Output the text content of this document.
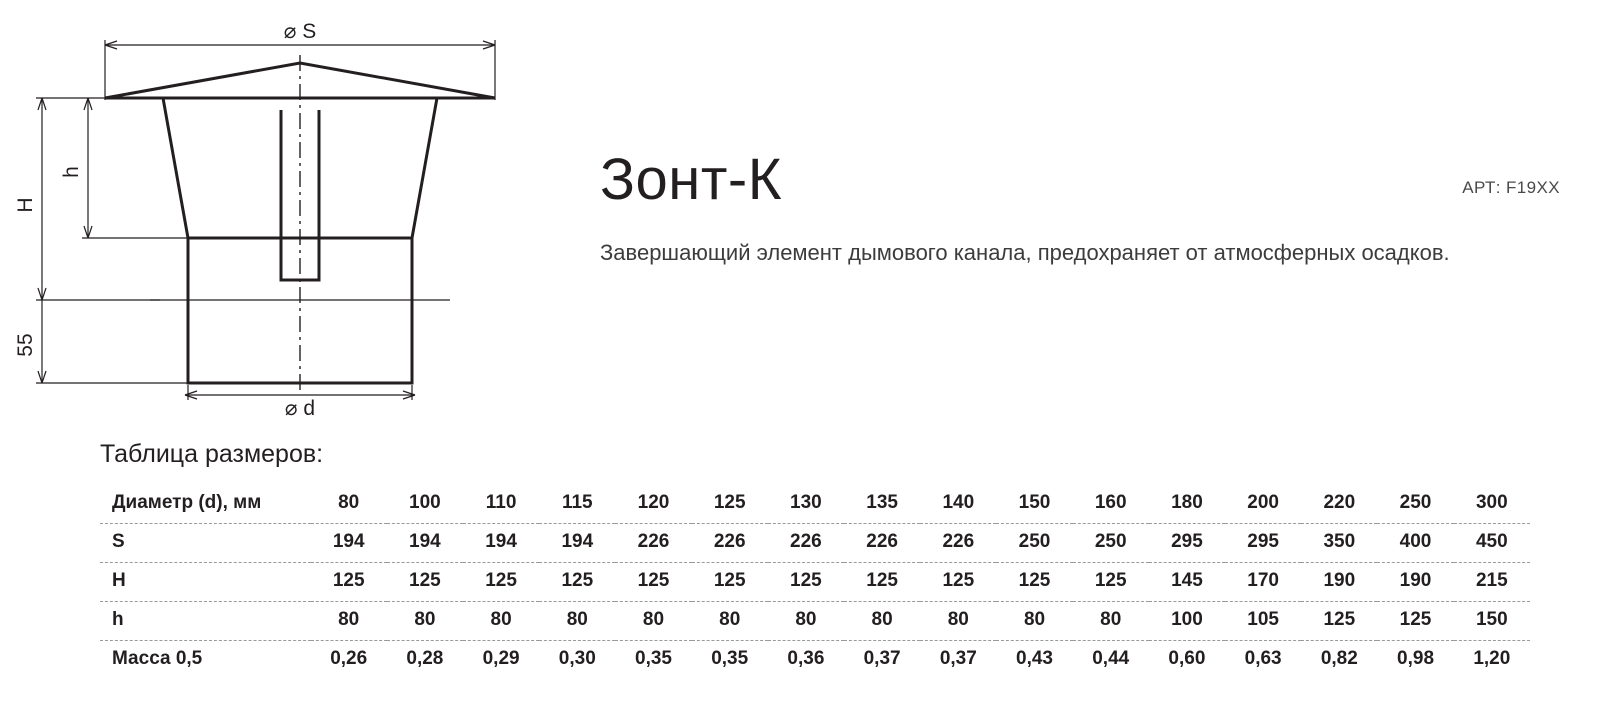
⌀ S
⌀ d
H
h
55
АРТ: F19XX
Зонт-К

Завершающий элемент дымового канала, предохраняет от атмосферных осадков.

Таблица размеров:
Диаметр (d), мм	80	100	110	115	120	125	130	135	140	150	160	180	200	220	250	300
S	194	194	194	194	226	226	226	226	226	250	250	295	295	350	400	450
H	125	125	125	125	125	125	125	125	125	125	125	145	170	190	190	215
h	80	80	80	80	80	80	80	80	80	80	80	100	105	125	125	150
Масса 0,5	0,26	0,28	0,29	0,30	0,35	0,35	0,36	0,37	0,37	0,43	0,44	0,60	0,63	0,82	0,98	1,20
